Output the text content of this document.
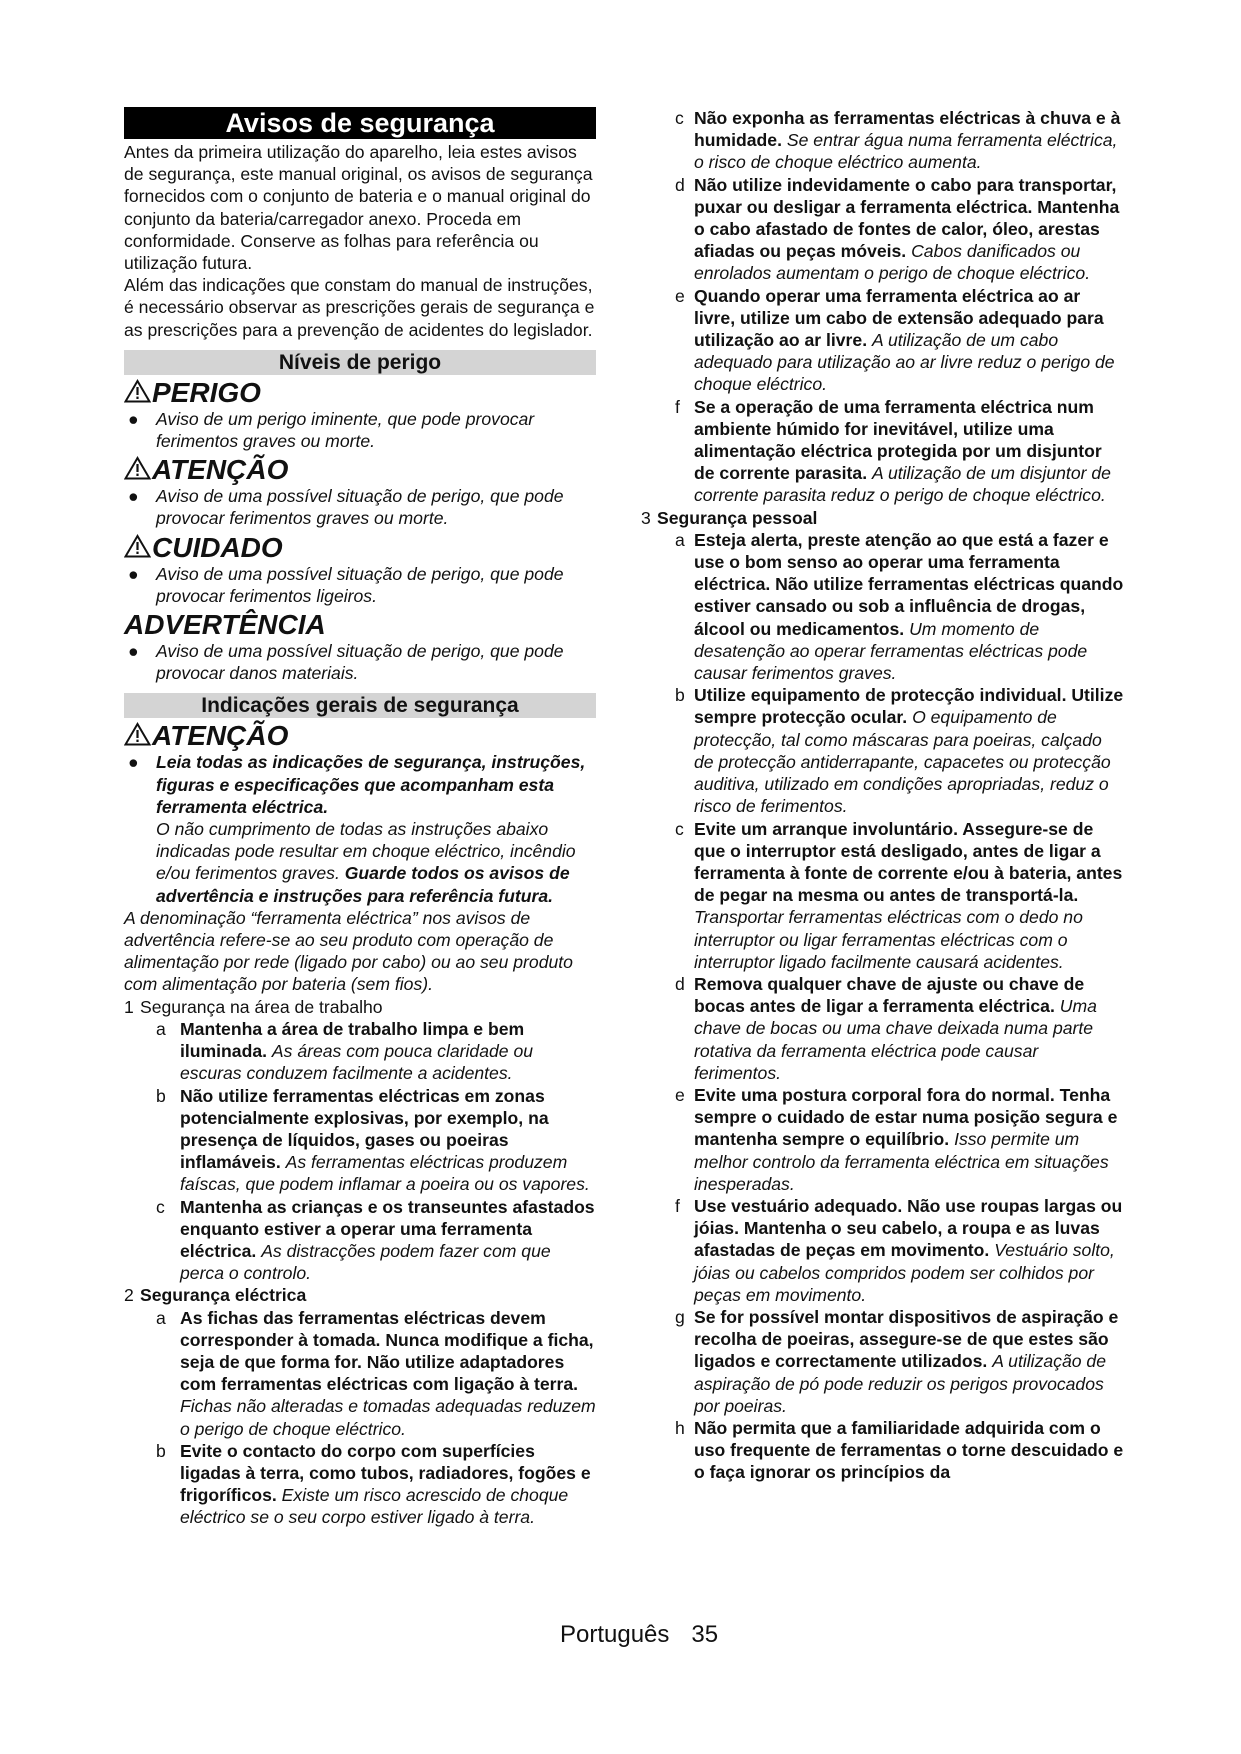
Avisos de segurança

Antes da primeira utilização do aparelho, leia estes avisos de segurança, este manual original, os avisos de segurança fornecidos com o conjunto de bateria e o manual original do conjunto da bateria/carregador anexo. Proceda em conformidade. Conserve as folhas para referência ou utilização futura.

Além das indicações que constam do manual de instruções, é necessário observar as prescrições gerais de segurança e as prescrições para a prevenção de acidentes do legislador.

Níveis de perigo
PERIGO
● Aviso de um perigo iminente, que pode provocar ferimentos graves ou morte.
ATENÇÃO
● Aviso de uma possível situação de perigo, que pode provocar ferimentos graves ou morte.
CUIDADO
● Aviso de uma possível situação de perigo, que pode provocar ferimentos ligeiros.
ADVERTÊNCIA
● Aviso de uma possível situação de perigo, que pode provocar danos materiais.
Indicações gerais de segurança
ATENÇÃO
● Leia todas as indicações de segurança, instruções, figuras e especificações que acompanham esta ferramenta eléctrica.
O não cumprimento de todas as instruções abaixo indicadas pode resultar em choque eléctrico, incêndio e/ou ferimentos graves. Guarde todos os avisos de advertência e instruções para referência futura.

A denominação “ferramenta eléctrica” nos avisos de advertência refere-se ao seu produto com operação de alimentação por rede (ligado por cabo) ou ao seu produto com alimentação por bateria (sem fios).

1 Segurança na área de trabalho
a Mantenha a área de trabalho limpa e bem iluminada. As áreas com pouca claridade ou escuras conduzem facilmente a acidentes.
b Não utilize ferramentas eléctricas em zonas potencialmente explosivas, por exemplo, na presença de líquidos, gases ou poeiras inflamáveis. As ferramentas eléctricas produzem faíscas, que podem inflamar a poeira ou os vapores.
c Mantenha as crianças e os transeuntes afastados enquanto estiver a operar uma ferramenta eléctrica. As distracções podem fazer com que perca o controlo.
2 Segurança eléctrica
a As fichas das ferramentas eléctricas devem corresponder à tomada. Nunca modifique a ficha, seja de que forma for. Não utilize adaptadores com ferramentas eléctricas com ligação à terra. Fichas não alteradas e tomadas adequadas reduzem o perigo de choque eléctrico.
b Evite o contacto do corpo com superfícies ligadas à terra, como tubos, radiadores, fogões e frigoríficos. Existe um risco acrescido de choque eléctrico se o seu corpo estiver ligado à terra.
c Não exponha as ferramentas eléctricas à chuva e à humidade. Se entrar água numa ferramenta eléctrica, o risco de choque eléctrico aumenta.
d Não utilize indevidamente o cabo para transportar, puxar ou desligar a ferramenta eléctrica. Mantenha o cabo afastado de fontes de calor, óleo, arestas afiadas ou peças móveis. Cabos danificados ou enrolados aumentam o perigo de choque eléctrico.
e Quando operar uma ferramenta eléctrica ao ar livre, utilize um cabo de extensão adequado para utilização ao ar livre. A utilização de um cabo adequado para utilização ao ar livre reduz o perigo de choque eléctrico.
f Se a operação de uma ferramenta eléctrica num ambiente húmido for inevitável, utilize uma alimentação eléctrica protegida por um disjuntor de corrente parasita. A utilização de um disjuntor de corrente parasita reduz o perigo de choque eléctrico.
3 Segurança pessoal
a Esteja alerta, preste atenção ao que está a fazer e use o bom senso ao operar uma ferramenta eléctrica. Não utilize ferramentas eléctricas quando estiver cansado ou sob a influência de drogas, álcool ou medicamentos. Um momento de desatenção ao operar ferramentas eléctricas pode causar ferimentos graves.
b Utilize equipamento de protecção individual. Utilize sempre protecção ocular. O equipamento de protecção, tal como máscaras para poeiras, calçado de protecção antiderrapante, capacetes ou protecção auditiva, utilizado em condições apropriadas, reduz o risco de ferimentos.
c Evite um arranque involuntário. Assegure-se de que o interruptor está desligado, antes de ligar a ferramenta à fonte de corrente e/ou à bateria, antes de pegar na mesma ou antes de transportá-la. Transportar ferramentas eléctricas com o dedo no interruptor ou ligar ferramentas eléctricas com o interruptor ligado facilmente causará acidentes.
d Remova qualquer chave de ajuste ou chave de bocas antes de ligar a ferramenta eléctrica. Uma chave de bocas ou uma chave deixada numa parte rotativa da ferramenta eléctrica pode causar ferimentos.
e Evite uma postura corporal fora do normal. Tenha sempre o cuidado de estar numa posição segura e mantenha sempre o equilíbrio. Isso permite um melhor controlo da ferramenta eléctrica em situações inesperadas.
f Use vestuário adequado. Não use roupas largas ou jóias. Mantenha o seu cabelo, a roupa e as luvas afastadas de peças em movimento. Vestuário solto, jóias ou cabelos compridos podem ser colhidos por peças em movimento.
g Se for possível montar dispositivos de aspiração e recolha de poeiras, assegure-se de que estes são ligados e correctamente utilizados. A utilização de aspiração de pó pode reduzir os perigos provocados por poeiras.
h Não permita que a familiaridade adquirida com o uso frequente de ferramentas o torne descuidado e o faça ignorar os princípios da
Português 35
